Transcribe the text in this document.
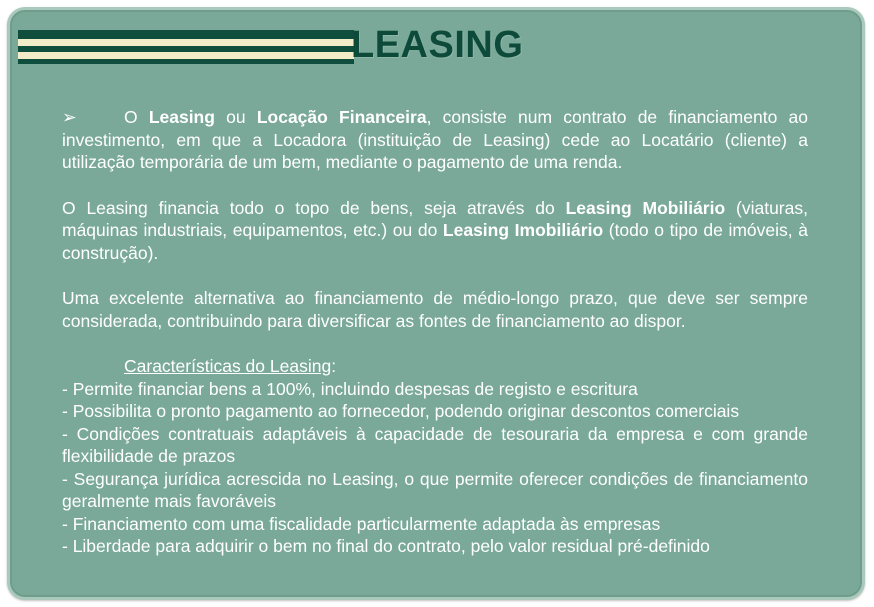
LEASING

➢	O Leasing ou Locação Financeira, consiste num contrato de financiamento ao investimento, em que a Locadora (instituição de Leasing) cede ao Locatário (cliente) a utilização temporária de um bem, mediante o pagamento de uma renda.

O Leasing financia todo o topo de bens, seja através do Leasing Mobiliário (viaturas, máquinas industriais, equipamentos, etc.) ou do Leasing Imobiliário (todo o tipo de imóveis, à construção).

Uma excelente alternativa ao financiamento de médio-longo prazo, que deve ser sempre considerada, contribuindo para diversificar as fontes de financiamento ao dispor.

Características do Leasing:

- Permite financiar bens a 100%, incluindo despesas de registo e escritura

- Possibilita o pronto pagamento ao fornecedor, podendo originar descontos comerciais

- Condições contratuais adaptáveis à capacidade de tesouraria da empresa e com grande flexibilidade de prazos

- Segurança jurídica acrescida no Leasing, o que permite oferecer condições de financiamento geralmente mais favoráveis

- Financiamento com uma fiscalidade particularmente adaptada às empresas

- Liberdade para adquirir o bem no final do contrato, pelo valor residual pré-definido
